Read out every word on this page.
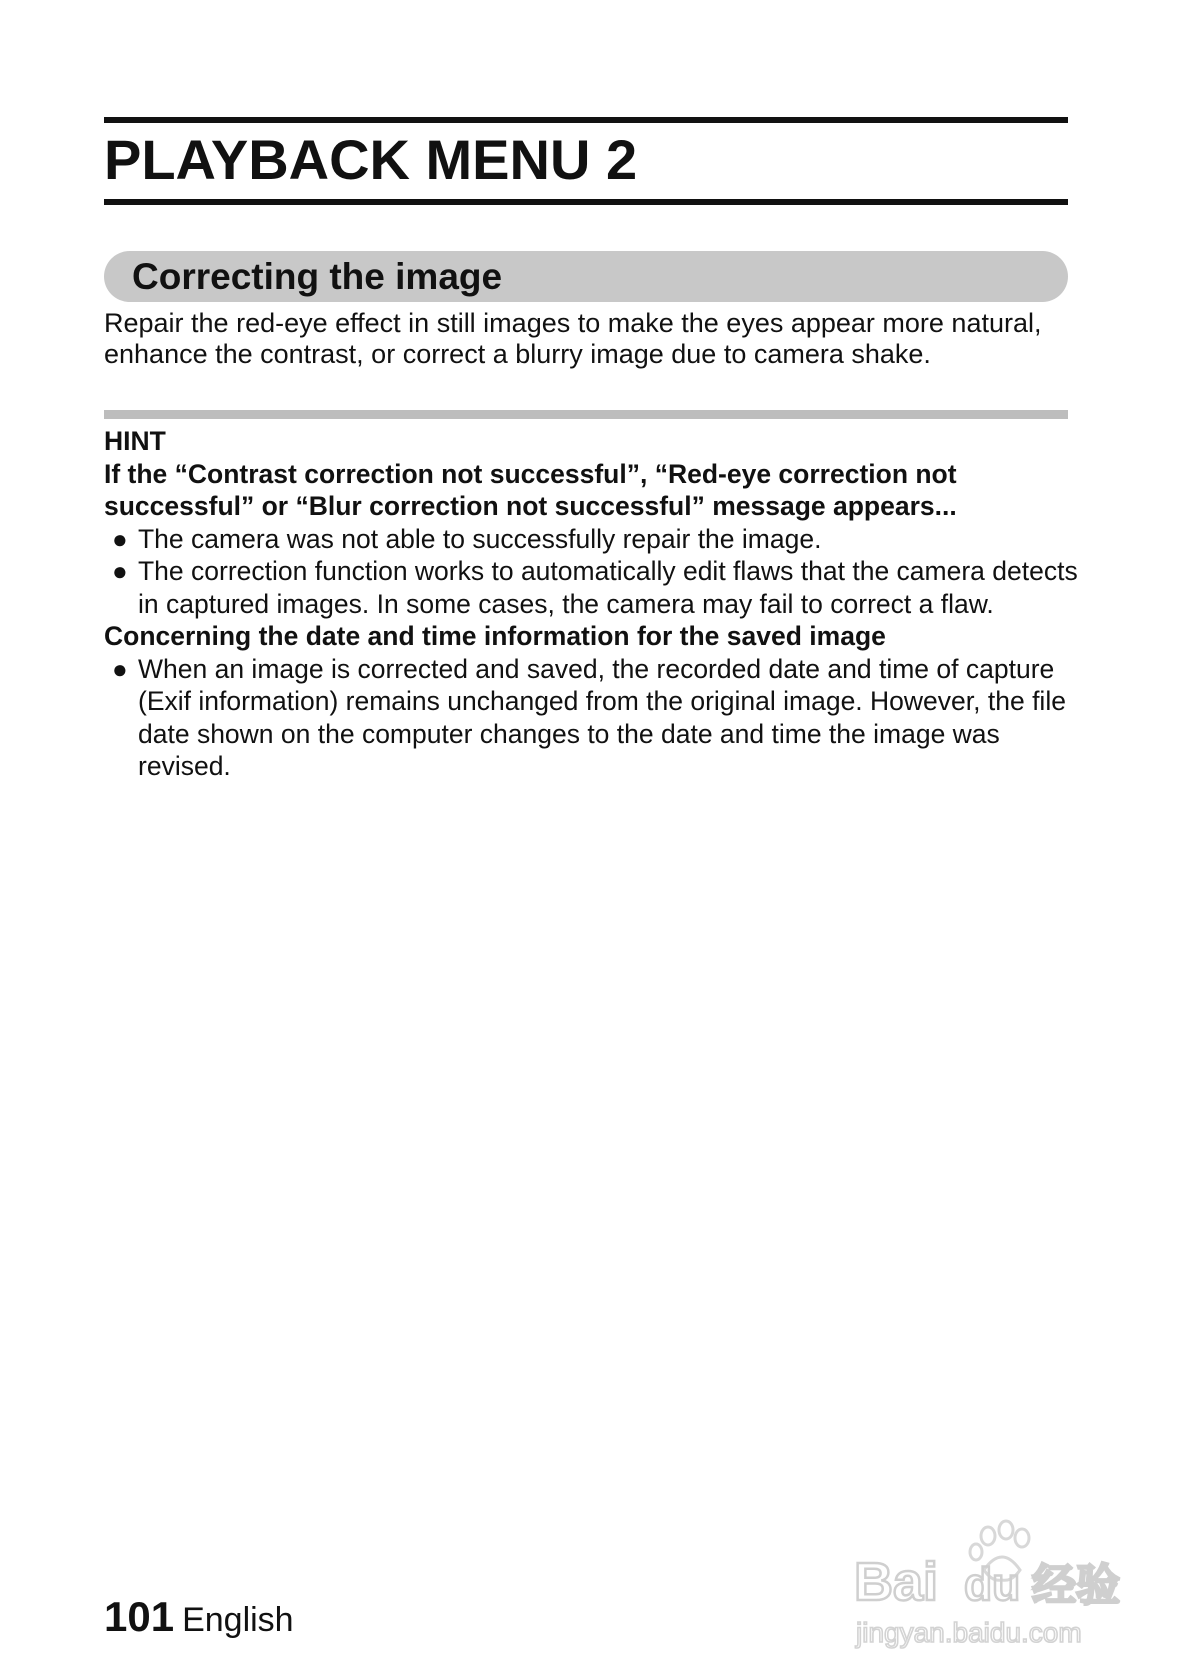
PLAYBACK MENU 2
Correcting the image

Repair the red-eye effect in still images to make the eyes appear more natural, enhance the contrast, or correct a blurry image due to camera shake.

HINT

If the “Contrast correction not successful”, “Red-eye correction not successful” or “Blur correction not successful” message appears...

● The camera was not able to successfully repair the image.
● The correction function works to automatically edit flaws that the camera detects in captured images. In some cases, the camera may fail to correct a flaw.

Concerning the date and time information for the saved image

● When an image is corrected and saved, the recorded date and time of capture (Exif information) remains unchanged from the original image. However, the file date shown on the computer changes to the date and time the image was revised.

101 English

Bai du 经验
jingyan.baidu.com
